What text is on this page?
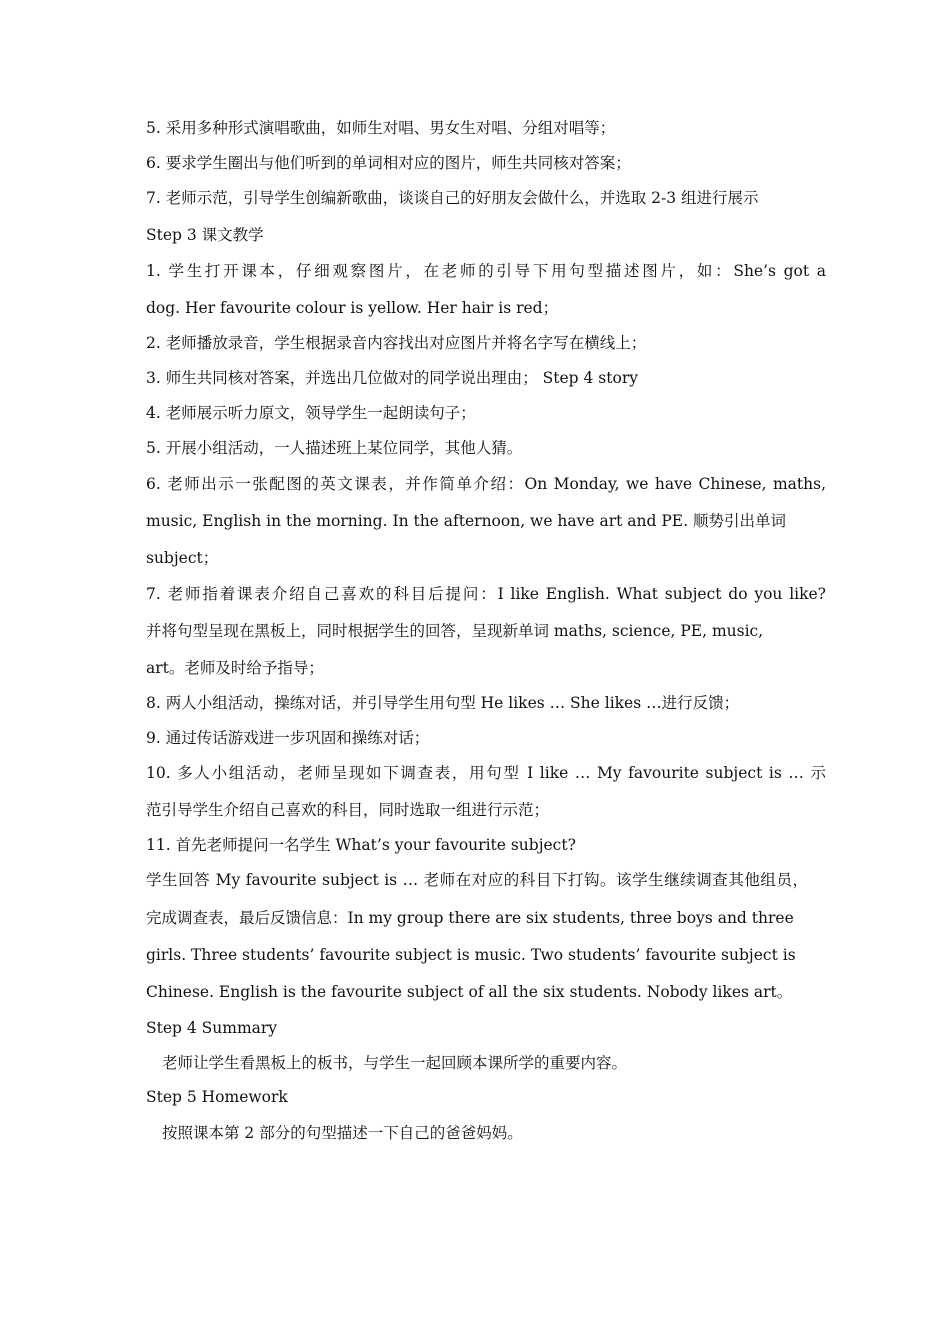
5. 采用多种形式演唱歌曲，如师生对唱、男女生对唱、分组对唱等；
6. 要求学生圈出与他们听到的单词相对应的图片，师生共同核对答案；
7. 老师示范，引导学生创编新歌曲，谈谈自己的好朋友会做什么，并选取 2-3 组进行展示
Step 3 课文教学
1. 学生打开课本，仔细观察图片，在老师的引导下用句型描述图片，如：She’s got a
dog. Her favourite colour is yellow. Her hair is red；
2. 老师播放录音，学生根据录音内容找出对应图片并将名字写在横线上；
3. 师生共同核对答案，并选出几位做对的同学说出理由； Step 4 story
4. 老师展示听力原文，领导学生一起朗读句子；
5. 开展小组活动，一人描述班上某位同学，其他人猜。
6. 老师出示一张配图的英文课表，并作简单介绍：On Monday, we have Chinese, maths,
music, English in the morning. In the afternoon, we have art and PE. 顺势引出单词
subject；
7. 老师指着课表介绍自己喜欢的科目后提问：I like English. What subject do you like?
并将句型呈现在黑板上，同时根据学生的回答，呈现新单词 maths, science, PE, music,
art。老师及时给予指导；
8. 两人小组活动，操练对话，并引导学生用句型 He likes … She likes …进行反馈；
9. 通过传话游戏进一步巩固和操练对话；
10. 多人小组活动，老师呈现如下调查表，用句型 I like … My favourite subject is … 示
范引导学生介绍自己喜欢的科目，同时选取一组进行示范；
11. 首先老师提问一名学生 What’s your favourite subject?
学生回答 My favourite subject is … 老师在对应的科目下打钩。该学生继续调查其他组员，
完成调查表，最后反馈信息：In my group there are six students, three boys and three
girls. Three students’ favourite subject is music. Two students’ favourite subject is
Chinese. English is the favourite subject of all the six students. Nobody likes art。
Step 4 Summary
老师让学生看黑板上的板书，与学生一起回顾本课所学的重要内容。
Step 5 Homework
按照课本第 2 部分的句型描述一下自己的爸爸妈妈。
